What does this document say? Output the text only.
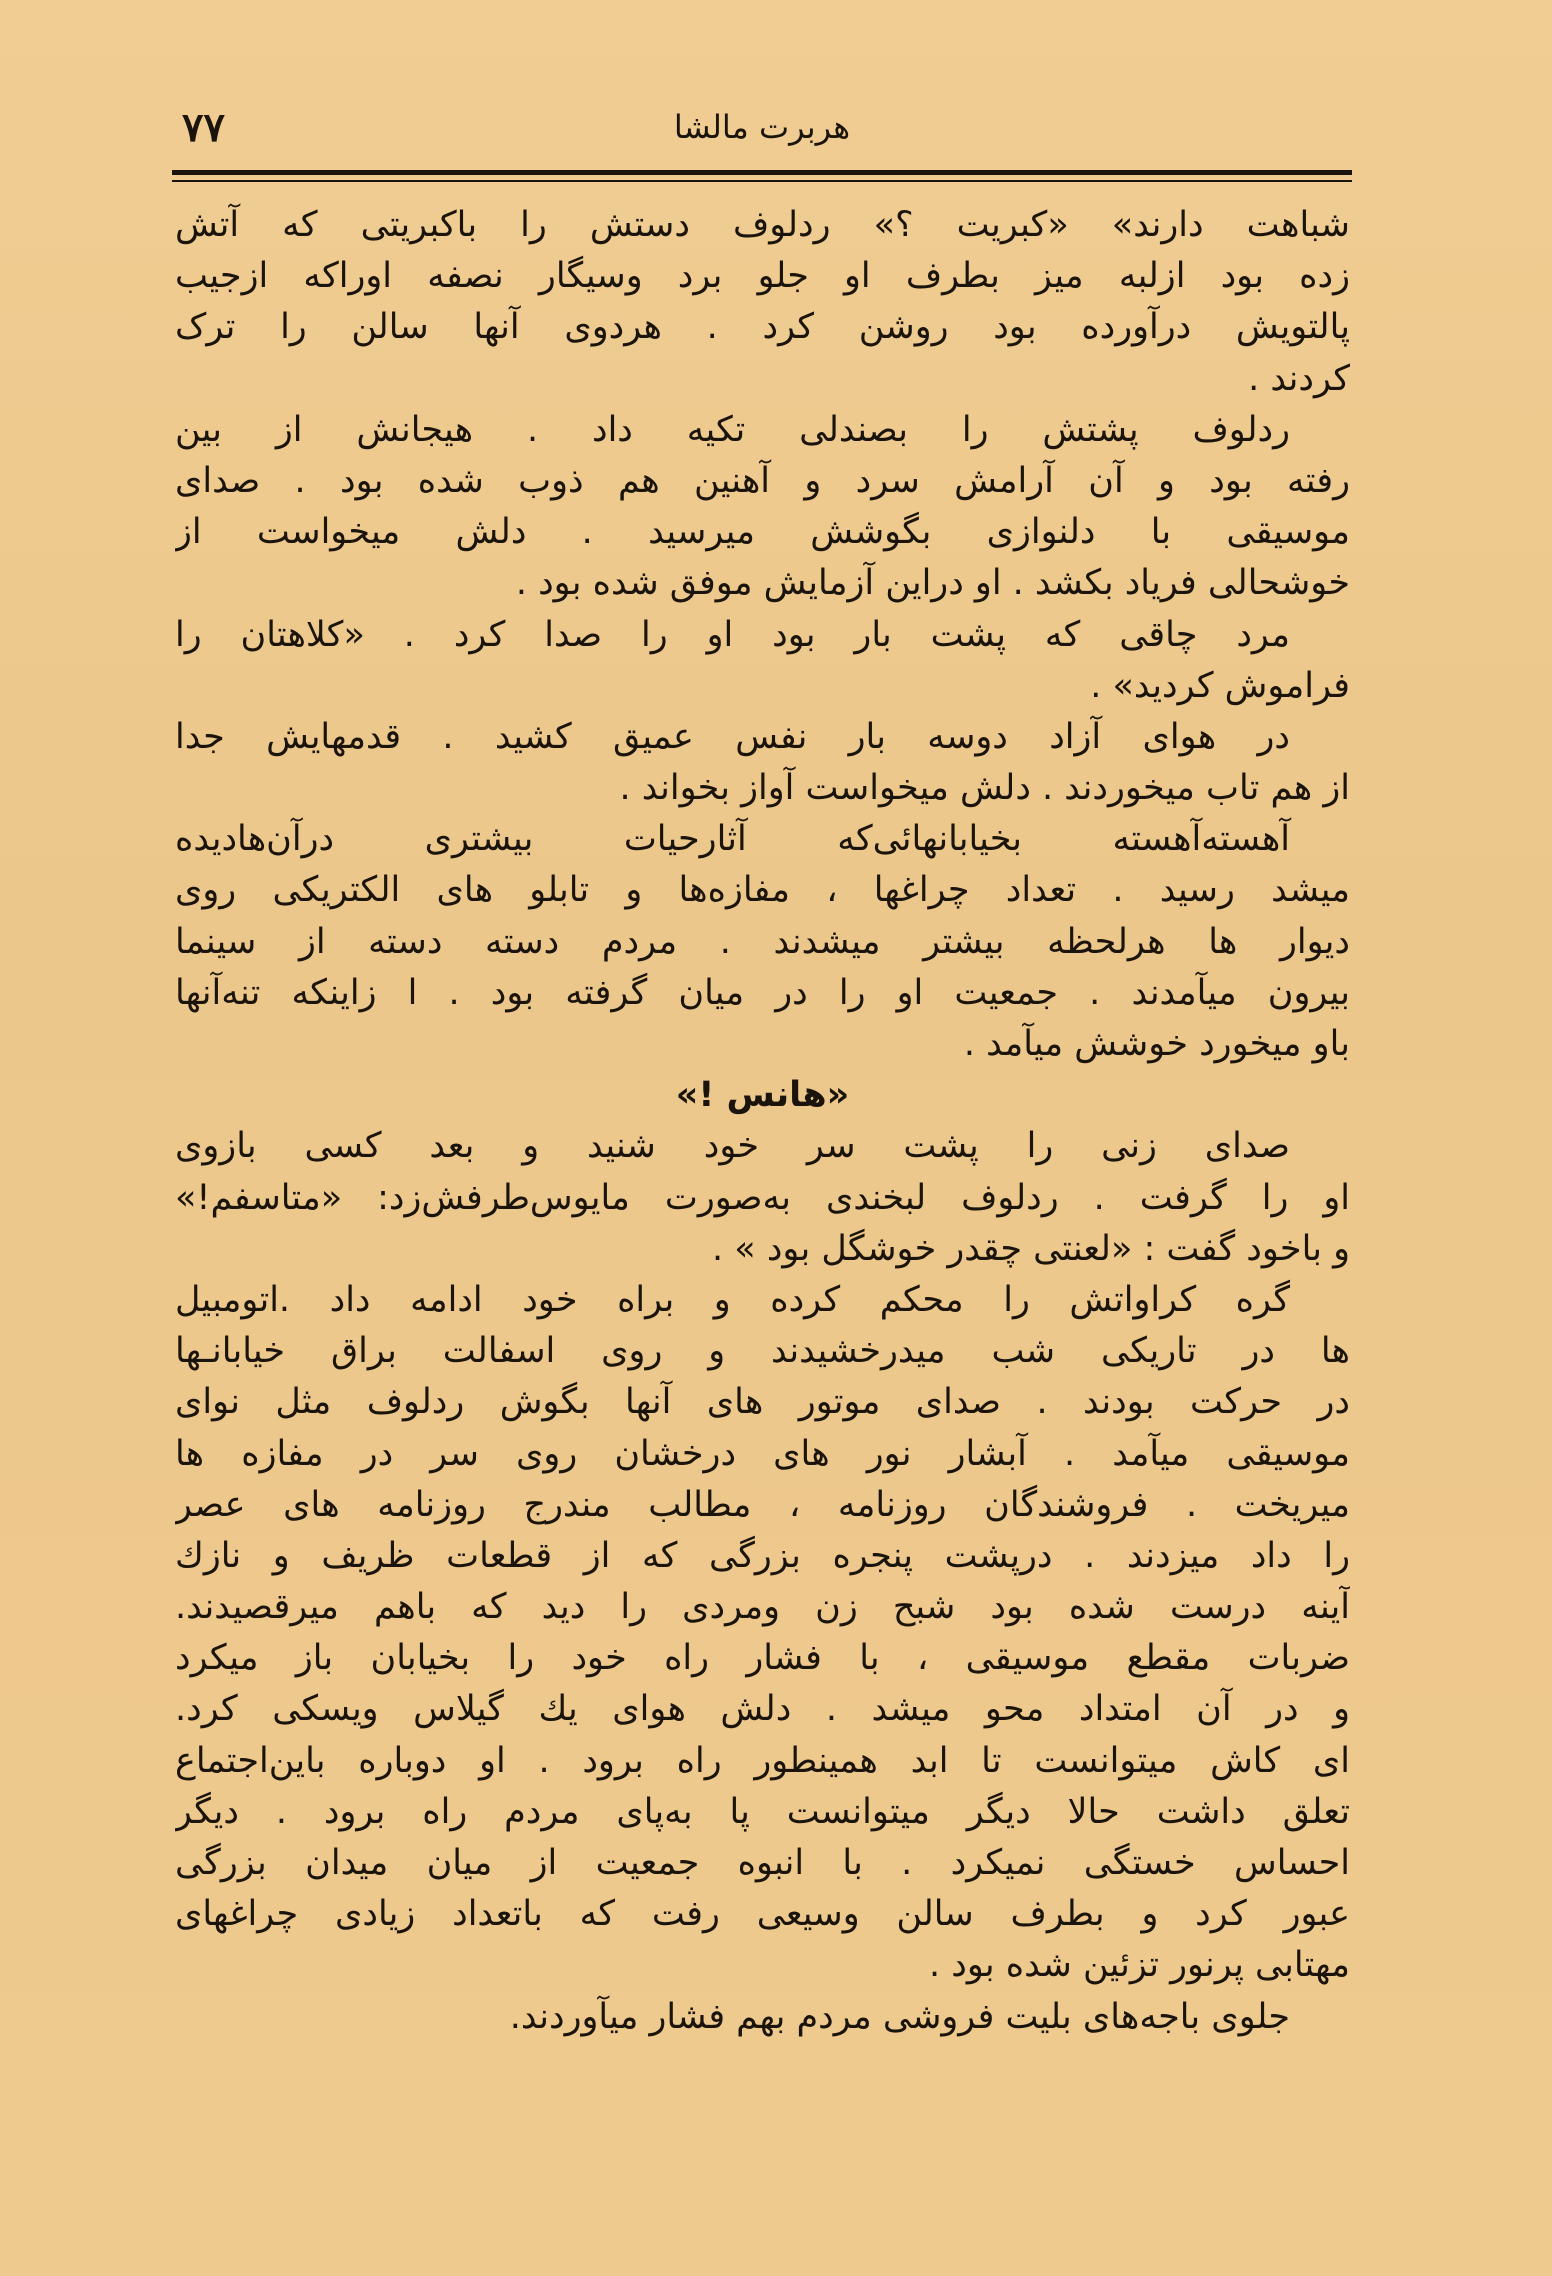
۷۷	هربرت مالشا
شباهت دارند» «کبریت ؟» ردلوف دستش را باکبریتی که آتش
زده بود ازلبه میز بطرف او جلو برد وسیگار نصفه اوراکه ازجیب
پالتویش درآورده بود روشن کرد . هردوی آنها سالن را ترک
کردند .
ردلوف پشتش را بصندلی تکیه داد . هیجانش از بین
رفته بود و آن آرامش سرد و آهنین هم ذوب شده بود . صدای
موسیقی با دلنوازی بگوشش میرسید . دلش میخواست از
خوشحالی فریاد بکشد . او دراین آزمایش موفق شده بود .
مرد چاقی که پشت بار بود او را صدا کرد . «کلاهتان را
فراموش کردید» .
در هوای آزاد دوسه بار نفس عمیق کشید . قدمهایش جدا
از هم تاب میخوردند . دلش میخواست آواز بخواند .
آهسته‌آهسته بخیابانهائی‌که آثارحیات بیشتری درآن‌هادیده
میشد رسید . تعداد چراغها ، مفازه‌ها و تابلو های الکتریکی روی
دیوار ها هرلحظه بیشتر میشدند . مردم دسته دسته از سینما
بیرون میآمدند . جمعیت او را در میان گرفته بود . ا زاینکه تنه‌آنها
باو میخورد خوشش میآمد .
«هانس !»
صدای زنی را پشت سر خود شنید و بعد کسی بازوی
او را گرفت . ردلوف لبخندی به‌صورت مایوس‌طرفش‌زد: «متاسفم!»
و باخود گفت : «لعنتی چقدر خوشگل بود » .
گره کراواتش را محکم کرده و براه خود ادامه داد .اتومبیل
ها در تاریکی شب میدرخشیدند و روی اسفالت براق خیابانـها
در حرکت بودند . صدای موتور های آنها بگوش ردلوف مثل نوای
موسیقی میآمد . آبشار نور های درخشان روی سر در مفازه ها
میریخت . فروشندگان روزنامه ، مطالب مندرج روزنامه های عصر
را داد میزدند . درپشت پنجره بزرگی که از قطعات ظریف و نازك
آینه درست شده بود شبح زن ومردی را دید که باهم میرقصیدند.
ضربات مقطع موسیقی ، با فشار راه خود را بخیابان باز میکرد
و در آن امتداد محو میشد . دلش هوای یك گیلاس ویسکی کرد.
ای کاش میتوانست تا ابد همینطور راه برود . او دوباره باین‌اجتماع
تعلق داشت حالا دیگر میتوانست پا به‌پای مردم راه برود . دیگر
احساس خستگی نمیکرد . با انبوه جمعیت از میان میدان بزرگی
عبور کرد و بطرف سالن وسیعی رفت که باتعداد زیادی چراغهای
مهتابی پرنور تزئین شده بود .
جلوی باجه‌های بلیت فروشی مردم بهم فشار میآوردند.
